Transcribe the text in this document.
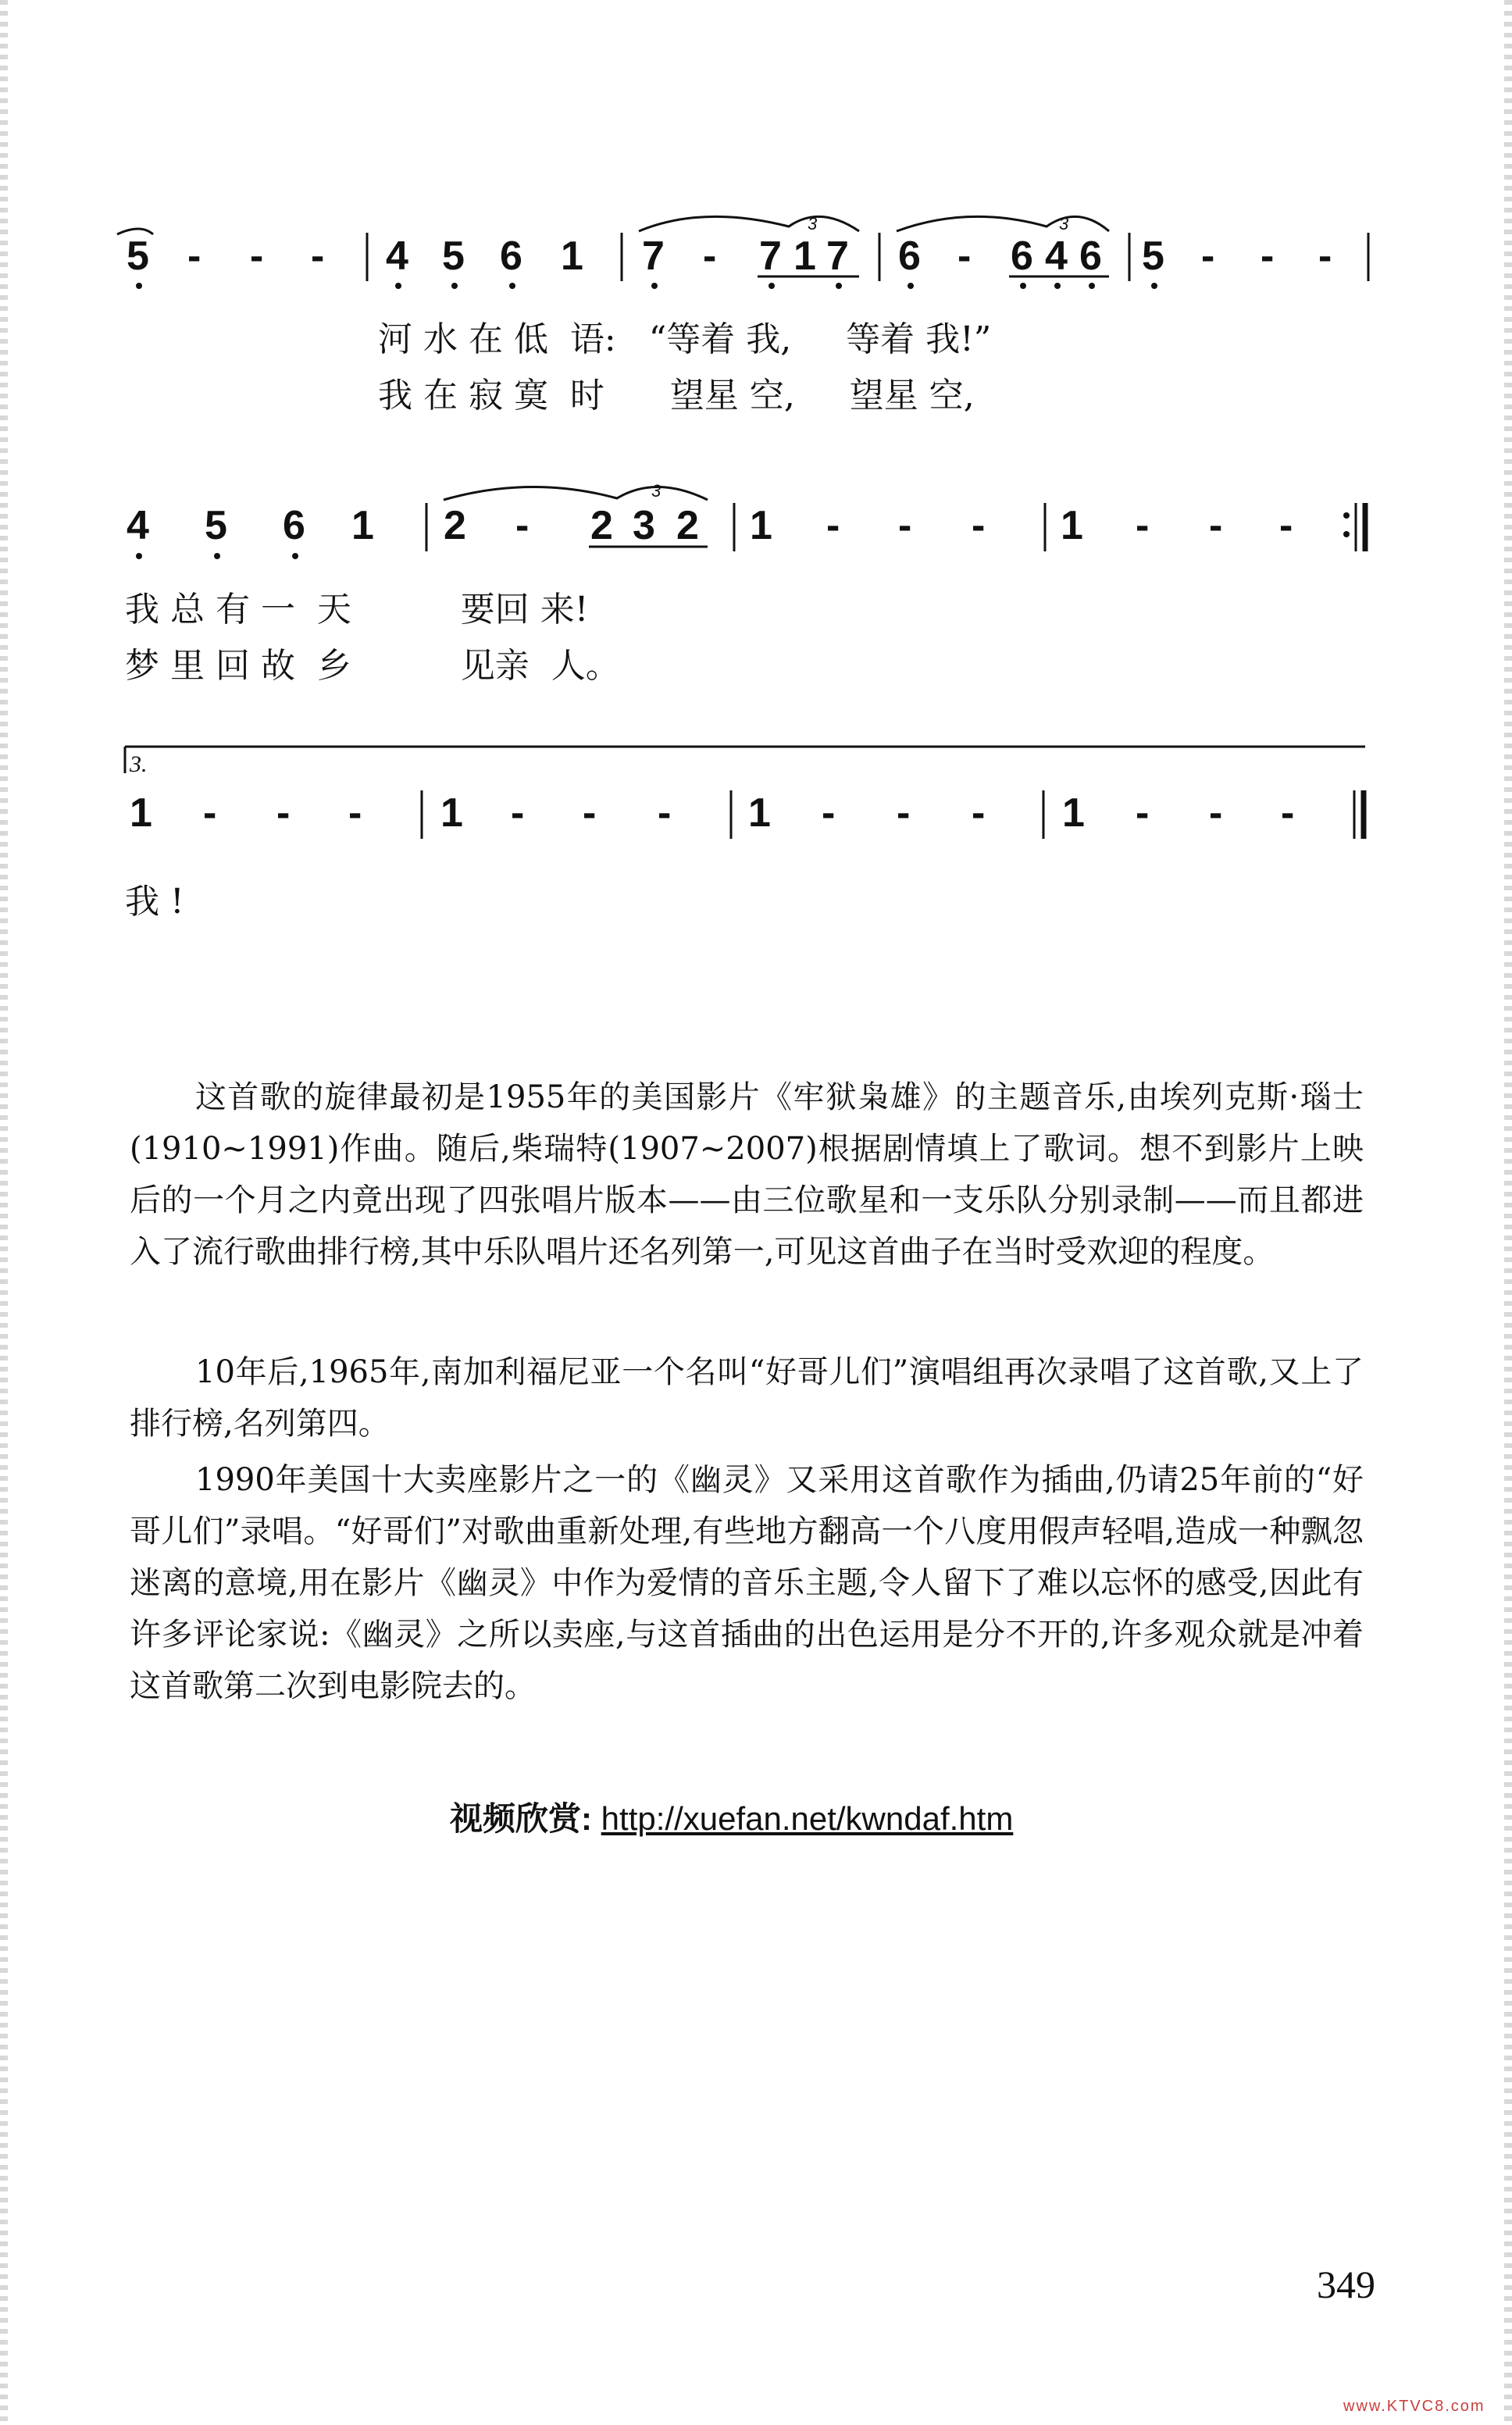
5 - - - 4 5 6 1 7 - 7 1 7
3
6 - 6 4 6
3
5 - - -
4 5 6 1 2 - 2 3 2
3
1 - - - 1 - - -
3.
1 - - - 1 - - - 1 - - - 1 - - -
河 水 在 低  语:   “等着 我,     等着 我!”
我 在 寂 寞  时      望星 空,     望星 空,
我 总 有 一  天          要回 来!
梦 里 回 故  乡          见亲  人。
我 !

这首歌的旋律最初是1955年的美国影片《牢狱枭雄》的主题音乐,由埃列克斯·瑙士(1910~1991)作曲。随后,柴瑞特(1907~2007)根据剧情填上了歌词。想不到影片上映后的一个月之内竟出现了四张唱片版本——由三位歌星和一支乐队分别录制——而且都进入了流行歌曲排行榜,其中乐队唱片还名列第一,可见这首曲子在当时受欢迎的程度。

10年后,1965年,南加利福尼亚一个名叫“好哥儿们”演唱组再次录唱了这首歌,又上了排行榜,名列第四。

1990年美国十大卖座影片之一的《幽灵》又采用这首歌作为插曲,仍请25年前的“好哥儿们”录唱。“好哥们”对歌曲重新处理,有些地方翻高一个八度用假声轻唱,造成一种飘忽迷离的意境,用在影片《幽灵》中作为爱情的音乐主题,令人留下了难以忘怀的感受,因此有许多评论家说:《幽灵》之所以卖座,与这首插曲的出色运用是分不开的,许多观众就是冲着这首歌第二次到电影院去的。

视频欣赏: http://xuefan.net/kwndaf.htm
349
www.KTVC8.com
